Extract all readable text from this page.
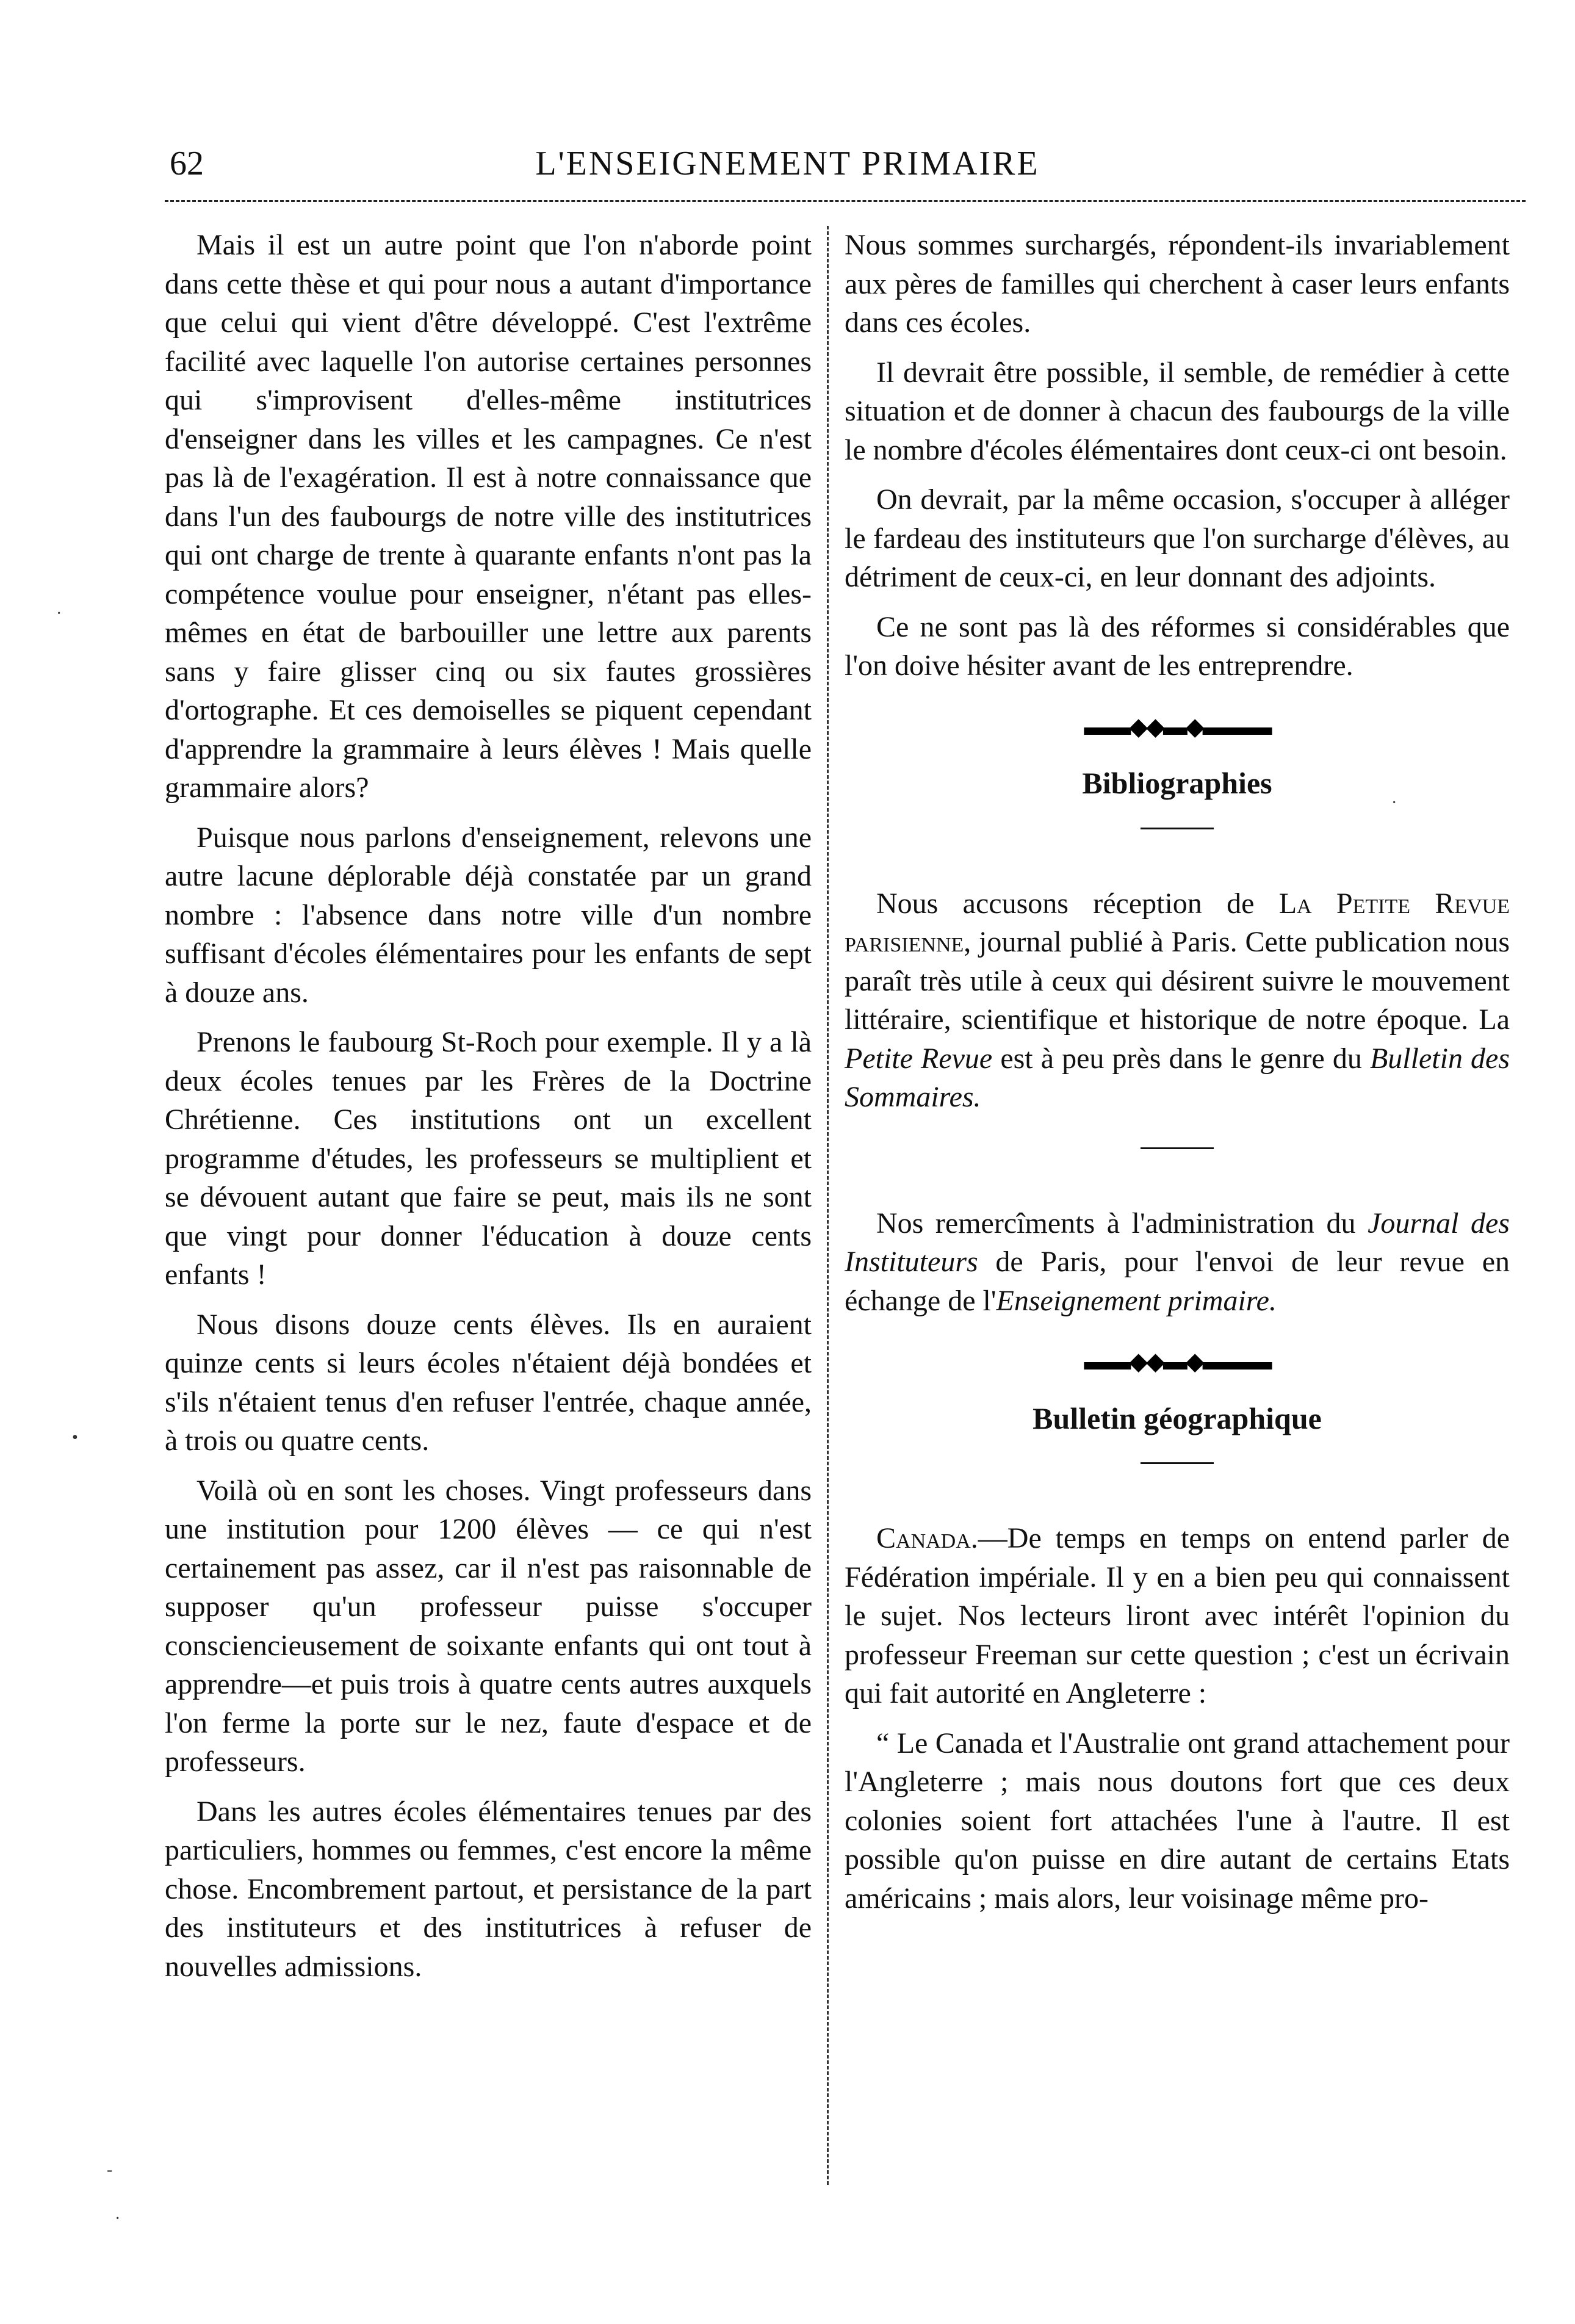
62	L'ENSEIGNEMENT PRIMAIRE

Mais il est un autre point que l'on n'aborde point dans cette thèse et qui pour nous a autant d'importance que celui qui vient d'être développé. C'est l'extrême facilité avec laquelle l'on autorise certaines personnes qui s'improvisent d'elles-même institutrices d'enseigner dans les villes et les campagnes. Ce n'est pas là de l'exagération. Il est à notre connaissance que dans l'un des faubourgs de notre ville des institutrices qui ont charge de trente à quarante enfants n'ont pas la compétence voulue pour enseigner, n'étant pas elles-mêmes en état de barbouiller une lettre aux parents sans y faire glisser cinq ou six fautes grossières d'ortographe. Et ces demoiselles se piquent cependant d'apprendre la grammaire à leurs élèves ! Mais quelle grammaire alors?

Puisque nous parlons d'enseignement, relevons une autre lacune déplorable déjà constatée par un grand nombre : l'absence dans notre ville d'un nombre suffisant d'écoles élémentaires pour les enfants de sept à douze ans.

Prenons le faubourg St-Roch pour exemple. Il y a là deux écoles tenues par les Frères de la Doctrine Chrétienne. Ces institutions ont un excellent programme d'études, les professeurs se multiplient et se dévouent autant que faire se peut, mais ils ne sont que vingt pour donner l'éducation à douze cents enfants !

Nous disons douze cents élèves. Ils en auraient quinze cents si leurs écoles n'étaient déjà bondées et s'ils n'étaient tenus d'en refuser l'entrée, chaque année, à trois ou quatre cents.

Voilà où en sont les choses. Vingt professeurs dans une institution pour 1200 élèves — ce qui n'est certainement pas assez, car il n'est pas raisonnable de supposer qu'un professeur puisse s'occuper consciencieusement de soixante enfants qui ont tout à apprendre—et puis trois à quatre cents autres auxquels l'on ferme la porte sur le nez, faute d'espace et de professeurs.

Dans les autres écoles élémentaires tenues par des particuliers, hommes ou femmes, c'est encore la même chose. Encombrement partout, et persistance de la part des instituteurs et des institutrices à refuser de nouvelles admissions.

Nous sommes surchargés, répondent-ils invariablement aux pères de familles qui cherchent à caser leurs enfants dans ces écoles.

Il devrait être possible, il semble, de remédier à cette situation et de donner à chacun des faubourgs de la ville le nombre d'écoles élémentaires dont ceux-ci ont besoin.

On devrait, par la même occasion, s'occuper à alléger le fardeau des instituteurs que l'on surcharge d'élèves, au détriment de ceux-ci, en leur donnant des adjoints.

Ce ne sont pas là des réformes si considérables que l'on doive hésiter avant de les entreprendre.

▬▬◆◆▬◆▬▬▬
Bibliographies

Nous accusons réception de La Petite Revue parisienne, journal publié à Paris. Cette publication nous paraît très utile à ceux qui désirent suivre le mouvement littéraire, scientifique et historique de notre époque. La Petite Revue est à peu près dans le genre du Bulletin des Sommaires.

Nos remercîments à l'administration du Journal des Instituteurs de Paris, pour l'envoi de leur revue en échange de l'Enseignement primaire.

▬▬◆◆▬◆▬▬▬
Bulletin géographique

Canada.—De temps en temps on entend parler de Fédération impériale. Il y en a bien peu qui connaissent le sujet. Nos lecteurs liront avec intérêt l'opinion du professeur Freeman sur cette question ; c'est un écrivain qui fait autorité en Angleterre :

“ Le Canada et l'Australie ont grand attachement pour l'Angleterre ; mais nous doutons fort que ces deux colonies soient fort attachées l'une à l'autre. Il est possible qu'on puisse en dire autant de certains Etats américains ; mais alors, leur voisinage même pro-

·
•
-
·
·
